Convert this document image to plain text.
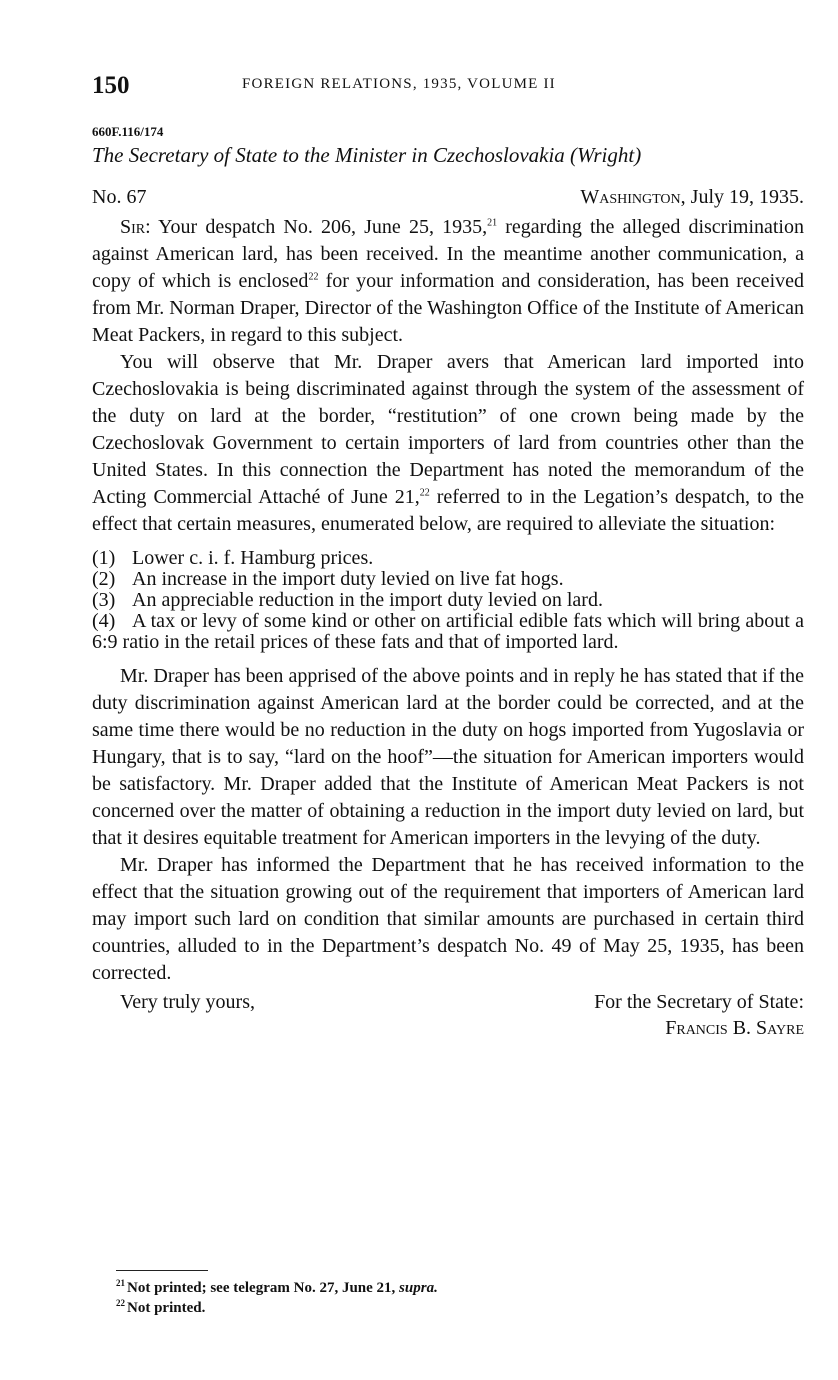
150	FOREIGN RELATIONS, 1935, VOLUME II
660F.116/174
The Secretary of State to the Minister in Czechoslovakia (Wright)
No. 67	Washington, July 19, 1935.

Sir: Your despatch No. 206, June 25, 1935,21 regarding the alleged discrimination against American lard, has been received. In the meantime another communication, a copy of which is enclosed$^{22}$ for your information and consideration, has been received from Mr. Norman Draper, Director of the Washington Office of the Institute of American Meat Packers, in regard to this subject.

You will observe that Mr. Draper avers that American lard imported into Czechoslovakia is being discriminated against through the system of the assessment of the duty on lard at the border, “restitution” of one crown being made by the Czechoslovak Government to certain importers of lard from countries other than the United States. In this connection the Department has noted the memorandum of the Acting Commercial Attaché of June 21,22 referred to in the Legation’s despatch, to the effect that certain measures, enumerated below, are required to alleviate the situation:

(1) Lower c. i. f. Hamburg prices.
(2) An increase in the import duty levied on live fat hogs.
(3) An appreciable reduction in the import duty levied on lard.
(4) A tax or levy of some kind or other on artificial edible fats which will bring about a 6:9 ratio in the retail prices of these fats and that of imported lard.

Mr. Draper has been apprised of the above points and in reply he has stated that if the duty discrimination against American lard at the border could be corrected, and at the same time there would be no reduction in the duty on hogs imported from Yugoslavia or Hungary, that is to say, “lard on the hoof”—the situation for American importers would be satisfactory. Mr. Draper added that the Institute of American Meat Packers is not concerned over the matter of obtaining a reduction in the import duty levied on lard, but that it desires equitable treatment for American importers in the levying of the duty.

Mr. Draper has informed the Department that he has received information to the effect that the situation growing out of the requirement that importers of American lard may import such lard on condition that similar amounts are purchased in certain third countries, alluded to in the Department’s despatch No. 49 of May 25, 1935, has been corrected.

Very truly yours,	For the Secretary of State:
Francis B. Sayre

$^{21}$ Not printed; see telegram No. 27, June 21, supra.

$^{22}$ Not printed.
